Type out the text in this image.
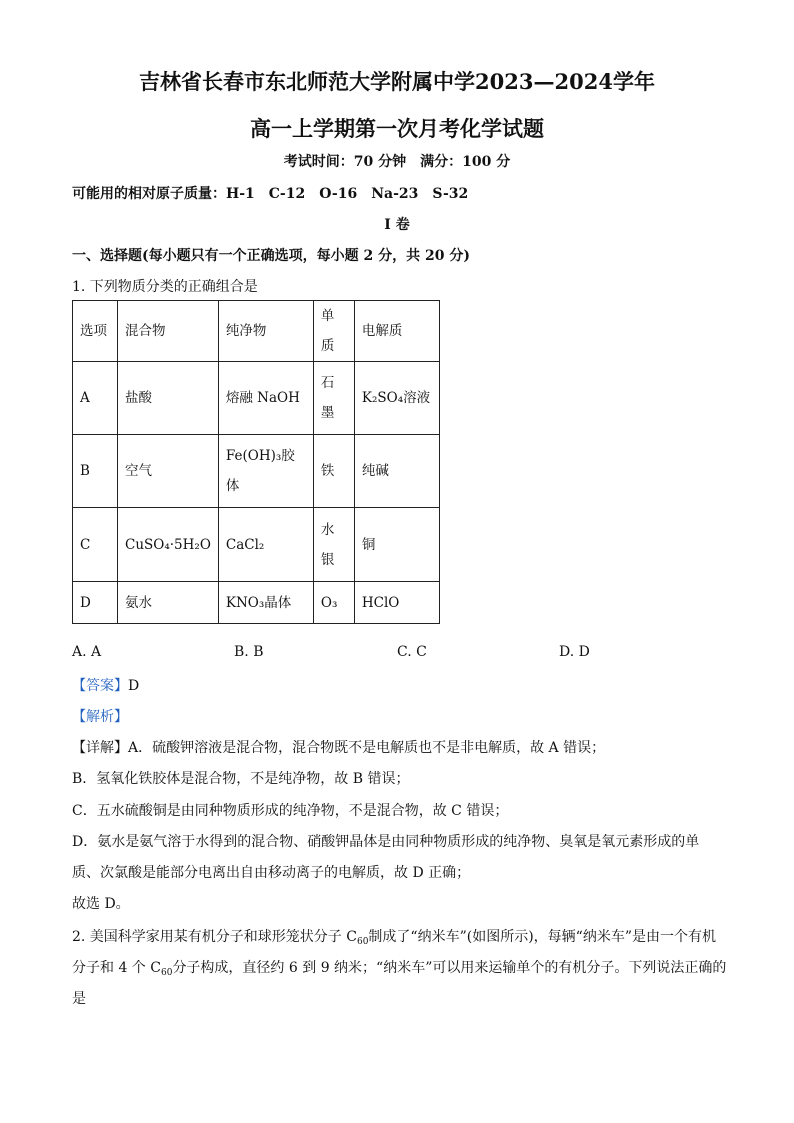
吉林省长春市东北师范大学附属中学2023—2024学年
高一上学期第一次月考化学试题
考试时间：70 分钟　满分：100 分
可能用的相对原子质量：H-1　C-12　O-16　Na-23　S-32
I 卷
一、选择题(每小题只有一个正确选项，每小题 2 分，共 20 分)
1. 下列物质分类的正确组合是
选项	混合物	纯净物	单质	电解质
A	盐酸	熔融 NaOH	石墨	K₂SO₄溶液
B	空气	Fe(OH)₃胶体	铁	纯碱
C	CuSO₄·5H₂O	CaCl₂	水银	铜
D	氨水	KNO₃晶体	O₃	HClO
A. A	B. B	C. C	D. D
【答案】D
【解析】
【详解】A．硫酸钾溶液是混合物，混合物既不是电解质也不是非电解质，故 A 错误；
B．氢氧化铁胶体是混合物，不是纯净物，故 B 错误；
C．五水硫酸铜是由同种物质形成的纯净物，不是混合物，故 C 错误；
D．氨水是氨气溶于水得到的混合物、硝酸钾晶体是由同种物质形成的纯净物、臭氧是氧元素形成的单
质、次氯酸是能部分电离出自由移动离子的电解质，故 D 正确；
故选 D。
2. 美国科学家用某有机分子和球形笼状分子 $C_{60}$制成了“纳米车”(如图所示)，每辆“纳米车”是由一个有机
分子和 4 个 $C_{60}$分子构成，直径约 6 到 9 纳米；“纳米车”可以用来运输单个的有机分子。下列说法正确的
是
